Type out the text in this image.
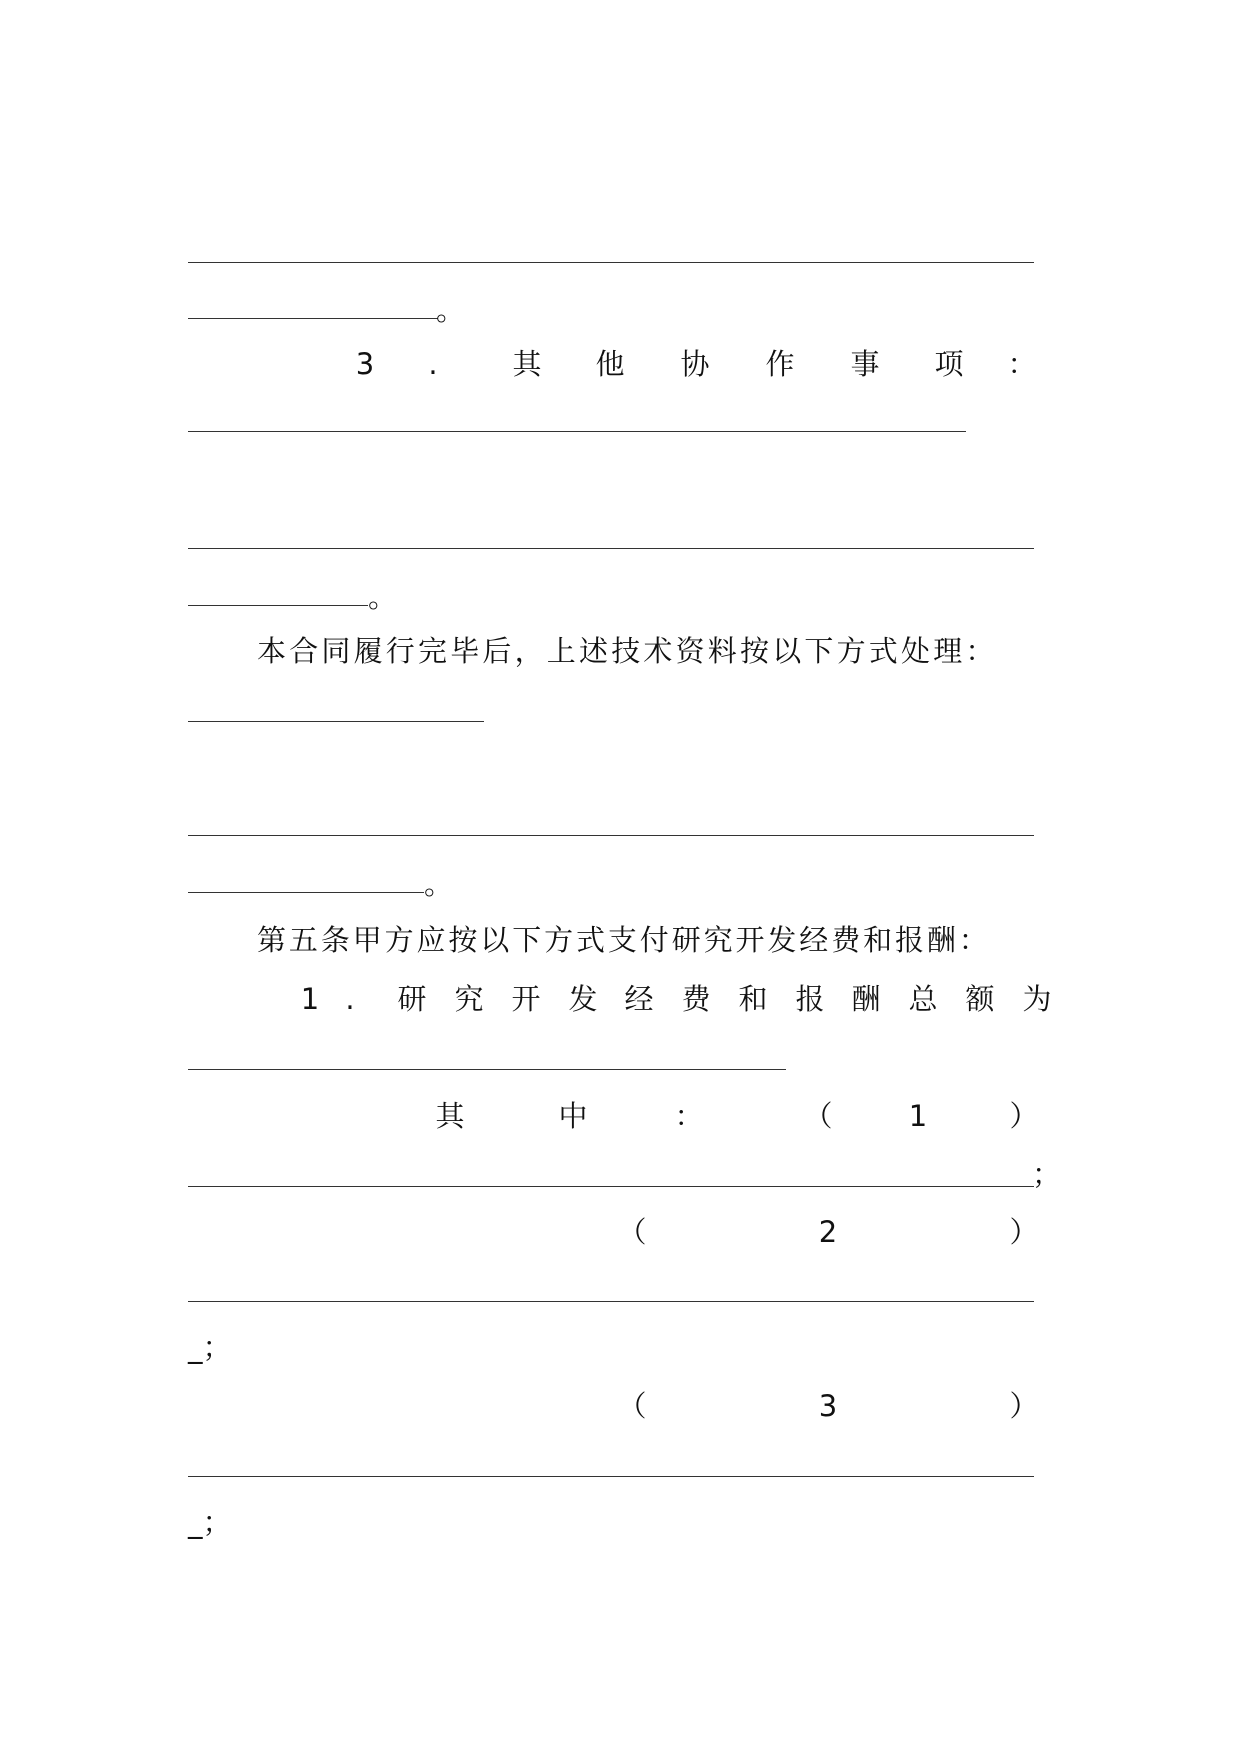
。
3	.	其 他 协 作 事 项 ：
。
本合同履行完毕后，上述技术资料按以下方式处理：
。
第五条甲方应按以下方式支付研究开发经费和报酬：
1 .	研 究 开 发 经 费 和 报 酬 总 额 为
其	中	：	（	1	）
；
（	2	）
_；
（	3	）
_；
